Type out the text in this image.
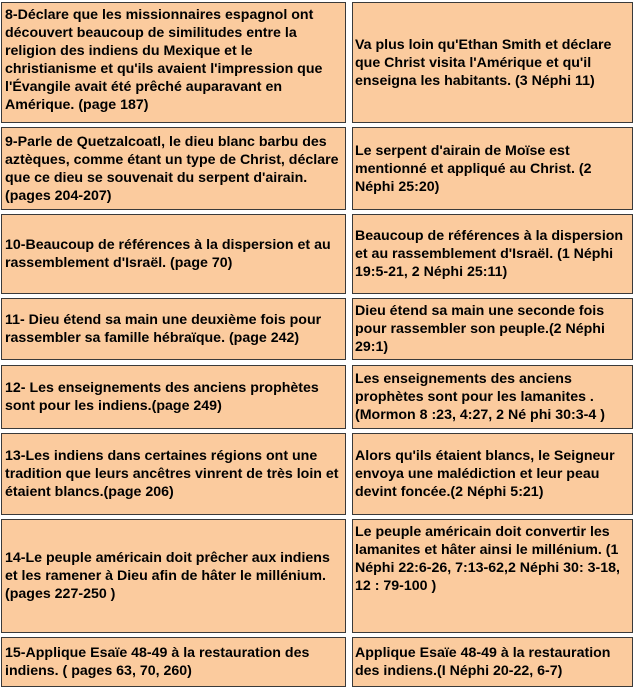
8-Déclare que les missionnaires espagnol ont découvert beaucoup de similitudes entre la religion des indiens du Mexique et le christianisme et qu'ils avaient l'impression que l'Évangile avait été prêché auparavant en Amérique. (page 187)
Va plus loin qu'Ethan Smith et déclare que Christ visita l'Amérique et qu'il enseigna les habitants. (3 Néphi 11)
9-Parle de Quetzalcoatl, le dieu blanc barbu des aztèques, comme étant un type de Christ, déclare que ce dieu se souvenait du serpent d'airain. (pages 204-207)
Le serpent d'airain de Moïse est mentionné et appliqué au Christ. (2 Néphi 25:20)
10-Beaucoup de références à la dispersion et au rassemblement d'Israël. (page 70)
Beaucoup de références à la dispersion et au rassemblement d'Israël. (1 Néphi 19:5-21, 2 Néphi 25:11)
11- Dieu étend sa main une deuxième fois pour rassembler sa famille hébraïque. (page 242)
Dieu étend sa main une seconde fois pour rassembler son peuple.(2 Néphi 29:1)
12- Les enseignements des anciens prophètes sont pour les indiens.(page 249)
Les enseignements des anciens prophètes sont pour les lamanites . (Mormon 8 :23, 4:27, 2 Né phi 30:3-4 )
13-Les indiens dans certaines régions ont une tradition que leurs ancêtres vinrent de très loin et étaient blancs.(page 206)
Alors qu'ils étaient blancs, le Seigneur envoya une malédiction et leur peau devint foncée.(2 Néphi 5:21)
14-Le peuple américain doit prêcher aux indiens et les ramener à Dieu afin de hâter le millénium. (pages 227-250 )
Le peuple américain doit convertir les lamanites et hâter ainsi le millénium. (1 Néphi 22:6-26, 7:13-62,2 Néphi 30: 3-18, 12 : 79-100 )
15-Applique Esaïe 48-49 à la restauration des indiens. ( pages 63, 70, 260)
Applique Esaïe 48-49 à la restauration des indiens.(I Néphi 20-22, 6-7)
